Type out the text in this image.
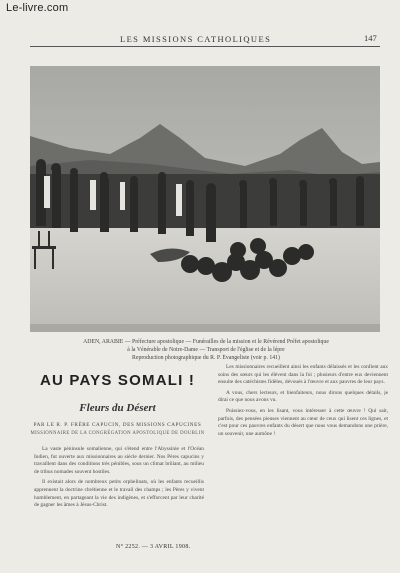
Le-livre.com
LES MISSIONS CATHOLIQUES	147
ADEN, ARABIE — Préfecture apostolique — Funérailles de la mission et le Révérend Préfet apostolique
à la Vénérable de Notre-Dame — Transport de l'église et de la lépre
Reproduction photographique du R. P. Évangeliste (voir p. 141)
AU PAYS SOMALI !
Fleurs du Désert
PAR LE R. P. FRÈRE CAPUCIN, DES MISSIONS CAPUCINES
MISSIONNAIRE DE LA CONGRÉGATION APOSTOLIQUE DE DOUBLIN

La vaste péninsule somalienne, qui s'étend entre l'Abyssinie et l'Océan Indien, fut ouverte aux missionnaires au siècle dernier. Nos Pères capucins y travaillent dans des conditions très pénibles, sous un climat brûlant, au milieu de tribus nomades souvent hostiles.

Il existait alors de nombreux petits orphelinats, où les enfants recueillis apprennent la doctrine chrétienne et le travail des champs ; les Pères y vivent humblement, en partageant la vie des indigènes, et s'efforcent par leur charité de gagner les âmes à Jésus-Christ.

Les missionnaires recueillent ainsi les enfants délaissés et les confient aux soins des sœurs qui les élèvent dans la foi ; plusieurs d'entre eux deviennent ensuite des catéchistes fidèles, dévoués à l'œuvre et aux pauvres de leur pays.

A vous, chers lecteurs, et bienfaiteurs, nous dirons quelques détails, je dirai ce que nous avons vu.

Puissiez-vous, en les lisant, vous intéresser à cette œuvre ! Qui sait, parfois, des pensées pieuses viennent au cœur de ceux qui lisent ces lignes, et c'est pour ces pauvres enfants du désert que nous vous demandons une prière, un souvenir, une aumône !

N° 2252. — 3 AVRIL 1908.
